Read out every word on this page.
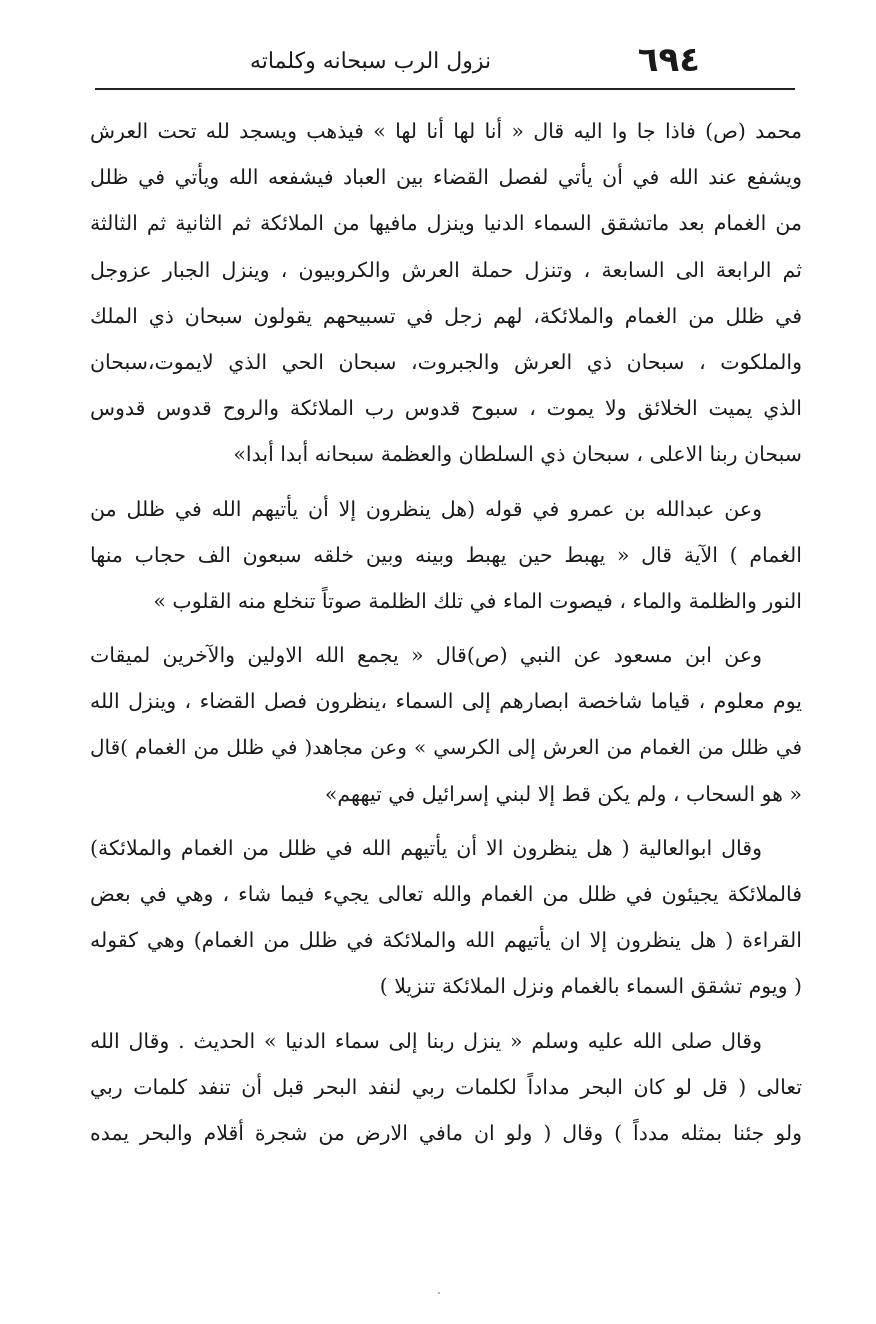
نزول الرب سبحانه وكلماته	٦٩٤
محمد (ص) فاذا جا وا اليه قال « أنا لها أنا لها » فيذهب ويسجد لله تحت العرش
ويشفع عند الله في أن يأتي لفصل القضاء بين العباد فيشفعه الله ويأتي في ظلل
من الغمام بعد ماتشقق السماء الدنيا وينزل مافيها من الملائكة ثم الثانية ثم الثالثة
ثم الرابعة الى السابعة ، وتنزل حملة العرش والكروبيون ، وينزل الجبار عزوجل
في ظلل من الغمام والملائكة، لهم زجل في تسبيحهم يقولون سبحان ذي الملك
والملكوت ، سبحان ذي العرش والجبروت، سبحان الحي الذي لايموت،سبحان
الذي يميت الخلائق ولا يموت ، سبوح قدوس رب الملائكة والروح قدوس قدوس
سبحان ربنا الاعلى ، سبحان ذي السلطان والعظمة سبحانه أبدا أبدا»
وعن عبدالله بن عمرو في قوله (هل ينظرون إلا أن يأتيهم الله في ظلل من
الغمام ) الآية قال « يهبط حين يهبط وبينه وبين خلقه سبعون الف حجاب منها
النور والظلمة والماء ، فيصوت الماء في تلك الظلمة صوتاً تنخلع منه القلوب »
وعن ابن مسعود عن النبي (ص)قال « يجمع الله الاولين والآخرين لميقات
يوم معلوم ، قياما شاخصة ابصارهم إلى السماء ،ينظرون فصل القضاء ، وينزل الله
في ظلل من الغمام من العرش إلى الكرسي » وعن مجاهد( في ظلل من الغمام )قال
« هو السحاب ، ولم يكن قط إلا لبني إسرائيل في تيههم»
وقال ابوالعالية ( هل ينظرون الا أن يأتيهم الله في ظلل من الغمام والملائكة)
فالملائكة يجيئون في ظلل من الغمام والله تعالى يجيء فيما شاء ، وهي في بعض
القراءة ( هل ينظرون إلا ان يأتيهم الله والملائكة في ظلل من الغمام) وهي كقوله
( ويوم تشقق السماء بالغمام ونزل الملائكة تنزيلا )
وقال صلى الله عليه وسلم « ينزل ربنا إلى سماء الدنيا » الحديث . وقال الله
تعالى ( قل لو كان البحر مداداً لكلمات ربي لنفد البحر قبل أن تنفد كلمات ربي
ولو جئنا بمثله مدداً ) وقال ( ولو ان مافي الارض من شجرة أقلام والبحر يمده
